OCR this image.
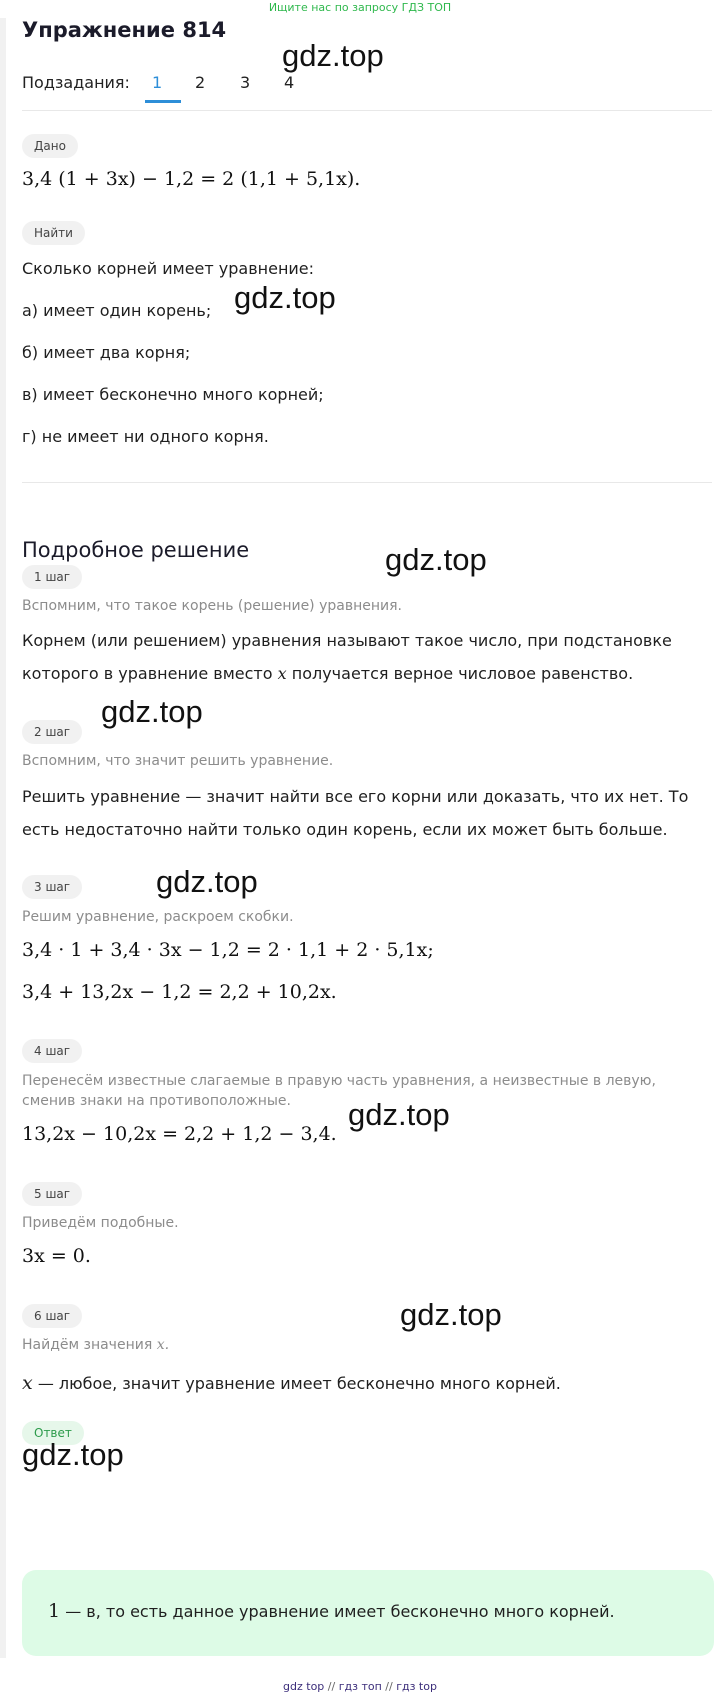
Ищите нас по запросу ГДЗ ТОП
Упражнение 814
Подзадания: 1 2 3 4
Дано
3,4 (1 + 3x) − 1,2 = 2 (1,1 + 5,1x).
Найти
Сколько корней имеет уравнение:
а) имеет один корень;
б) имеет два корня;
в) имеет бесконечно много корней;
г) не имеет ни одного корня.
Подробное решение
1 шаг
Вспомним, что такое корень (решение) уравнения.
Корнем (или решением) уравнения называют такое число, при подстановке
которого в уравнение вместо x получается верное числовое равенство.
2 шаг
Вспомним, что значит решить уравнение.
Решить уравнение — значит найти все его корни или доказать, что их нет. То
есть недостаточно найти только один корень, если их может быть больше.
3 шаг
Решим уравнение, раскроем скобки.
3,4 · 1 + 3,4 · 3x − 1,2 = 2 · 1,1 + 2 · 5,1x;
3,4 + 13,2x − 1,2 = 2,2 + 10,2x.
4 шаг
Перенесём известные слагаемые в правую часть уравнения, а неизвестные в левую,
сменив знаки на противоположные.
13,2x − 10,2x = 2,2 + 1,2 − 3,4.
5 шаг
Приведём подобные.
3x = 0.
6 шаг
Найдём значения x.
x — любое, значит уравнение имеет бесконечно много корней.
Ответ
1 — в, то есть данное уравнение имеет бесконечно много корней.
gdz.top
gdz.top
gdz.top
gdz.top
gdz.top
gdz.top
gdz.top
gdz.top
gdz top // гдз топ // гдз top
